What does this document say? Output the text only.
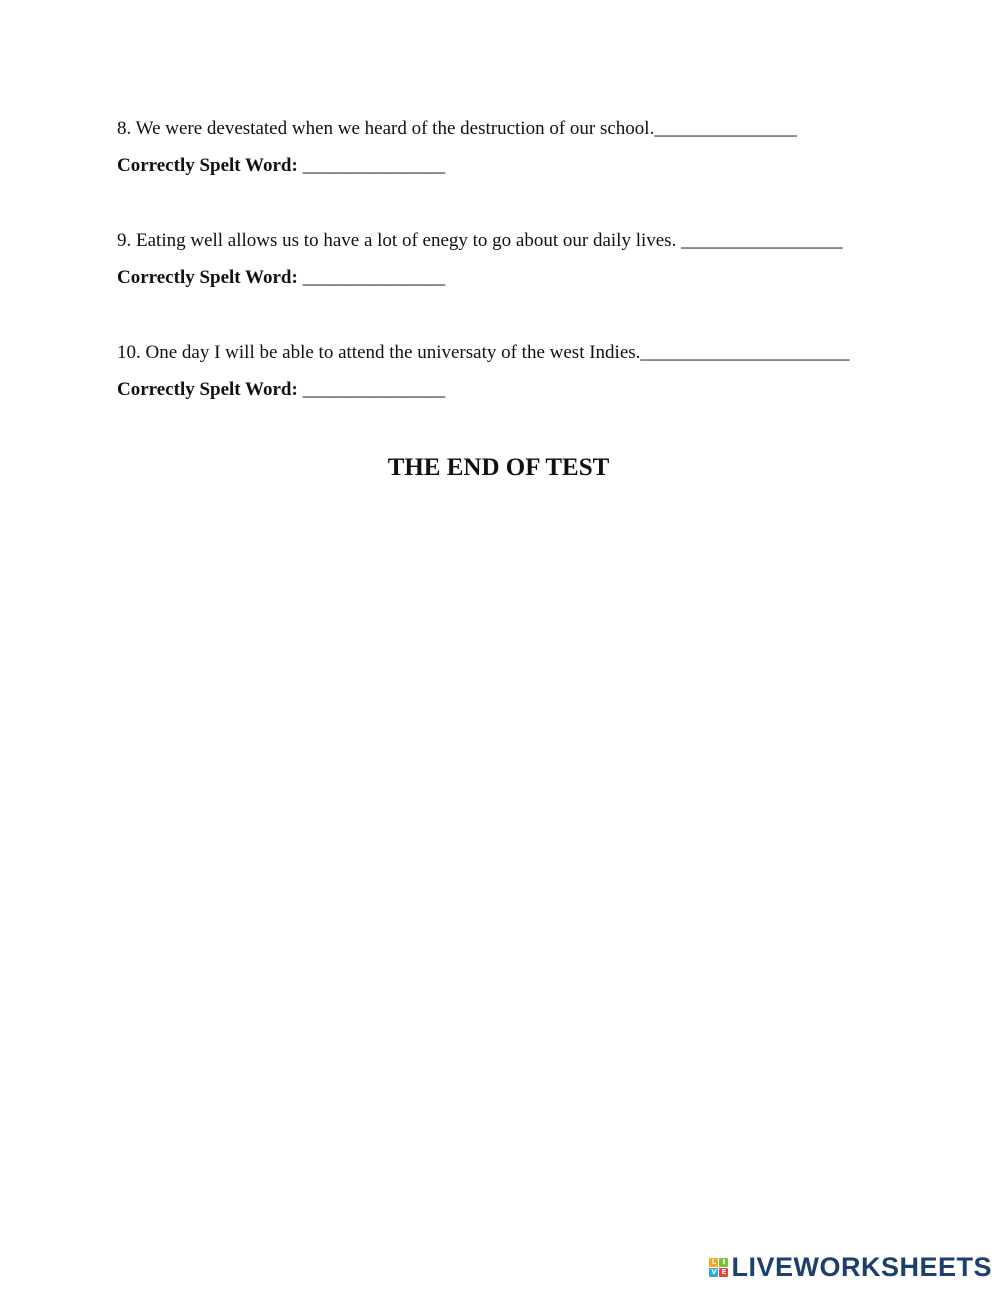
8. We were devestated when we heard of the destruction of our school._______________
Correctly Spelt Word: _______________
9. Eating well allows us to have a lot of enegy to go about our daily lives. _________________
Correctly Spelt Word: _______________
10. One day I will be able to attend the universaty of the west Indies.______________________
Correctly Spelt Word: _______________
THE END OF TEST
L I
V E LIVEWORKSHEETS
